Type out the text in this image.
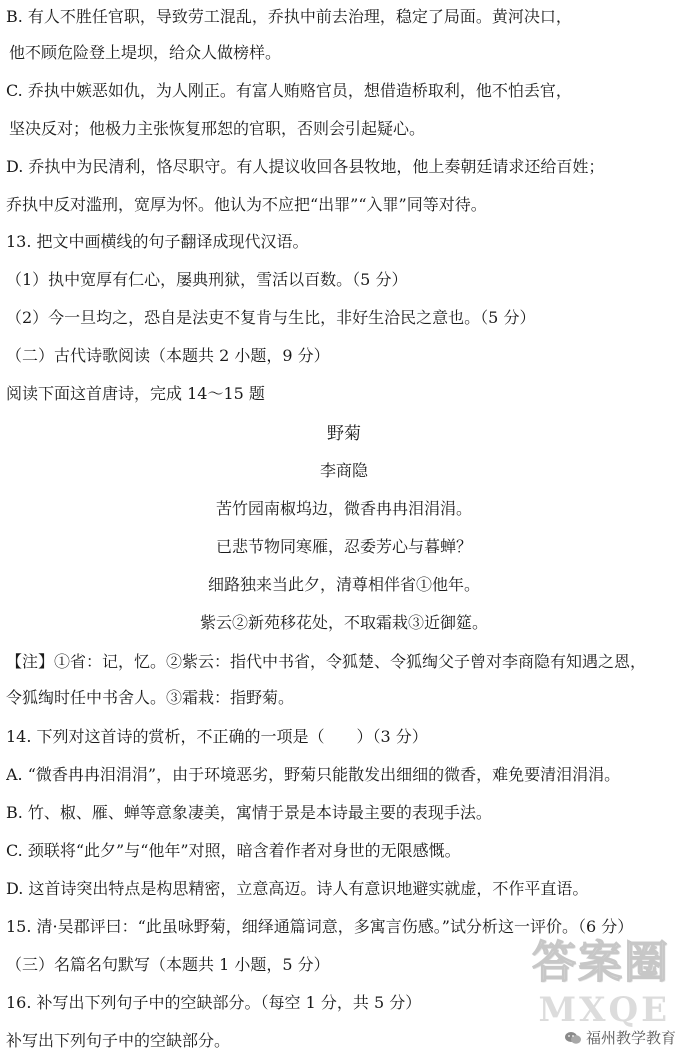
B. 有人不胜任官职，导致劳工混乱，乔执中前去治理，稳定了局面。黄河决口，
他不顾危险登上堤坝，给众人做榜样。
C. 乔执中嫉恶如仇，为人刚正。有富人贿赂官员，想借造桥取利，他不怕丢官，
坚决反对；他极力主张恢复邢恕的官职，否则会引起疑心。
D. 乔执中为民清利，恪尽职守。有人提议收回各县牧地，他上奏朝廷请求还给百姓；
乔执中反对滥刑，宽厚为怀。他认为不应把“出罪”“入罪”同等对待。
13. 把文中画横线的句子翻译成现代汉语。
（1）执中宽厚有仁心，屡典刑狱，雪活以百数。（5 分）
（2）今一旦均之，恐自是法吏不复肯与生比，非好生洽民之意也。（5 分）
（二）古代诗歌阅读（本题共 2 小题，9 分）
阅读下面这首唐诗，完成 14～15 题
野菊
李商隐
苦竹园南椒坞边，微香冉冉泪涓涓。
已悲节物同寒雁，忍委芳心与暮蝉？
细路独来当此夕，清尊相伴省①他年。
紫云②新苑移花处，不取霜栽③近御筵。
【注】①省：记，忆。②紫云：指代中书省，令狐楚、令狐绹父子曾对李商隐有知遇之恩，
令狐绹时任中书舍人。③霜栽：指野菊。
14. 下列对这首诗的赏析，不正确的一项是（　　）（3 分）
A. “微香冉冉泪涓涓”，由于环境恶劣，野菊只能散发出细细的微香，难免要清泪涓涓。
B. 竹、椒、雁、蝉等意象凄美，寓情于景是本诗最主要的表现手法。
C. 颈联将“此夕”与“他年”对照，暗含着作者对身世的无限感慨。
D. 这首诗突出特点是构思精密，立意高迈。诗人有意识地避实就虚，不作平直语。
15. 清·吴郡评曰：“此虽咏野菊，细绎通篇词意，多寓言伤感。”试分析这一评价。（6 分）
（三）名篇名句默写（本题共 1 小题，5 分）
16. 补写出下列句子中的空缺部分。（每空 1 分，共 5 分）
补写出下列句子中的空缺部分。
答案圈
MXQE
福州教学教育
